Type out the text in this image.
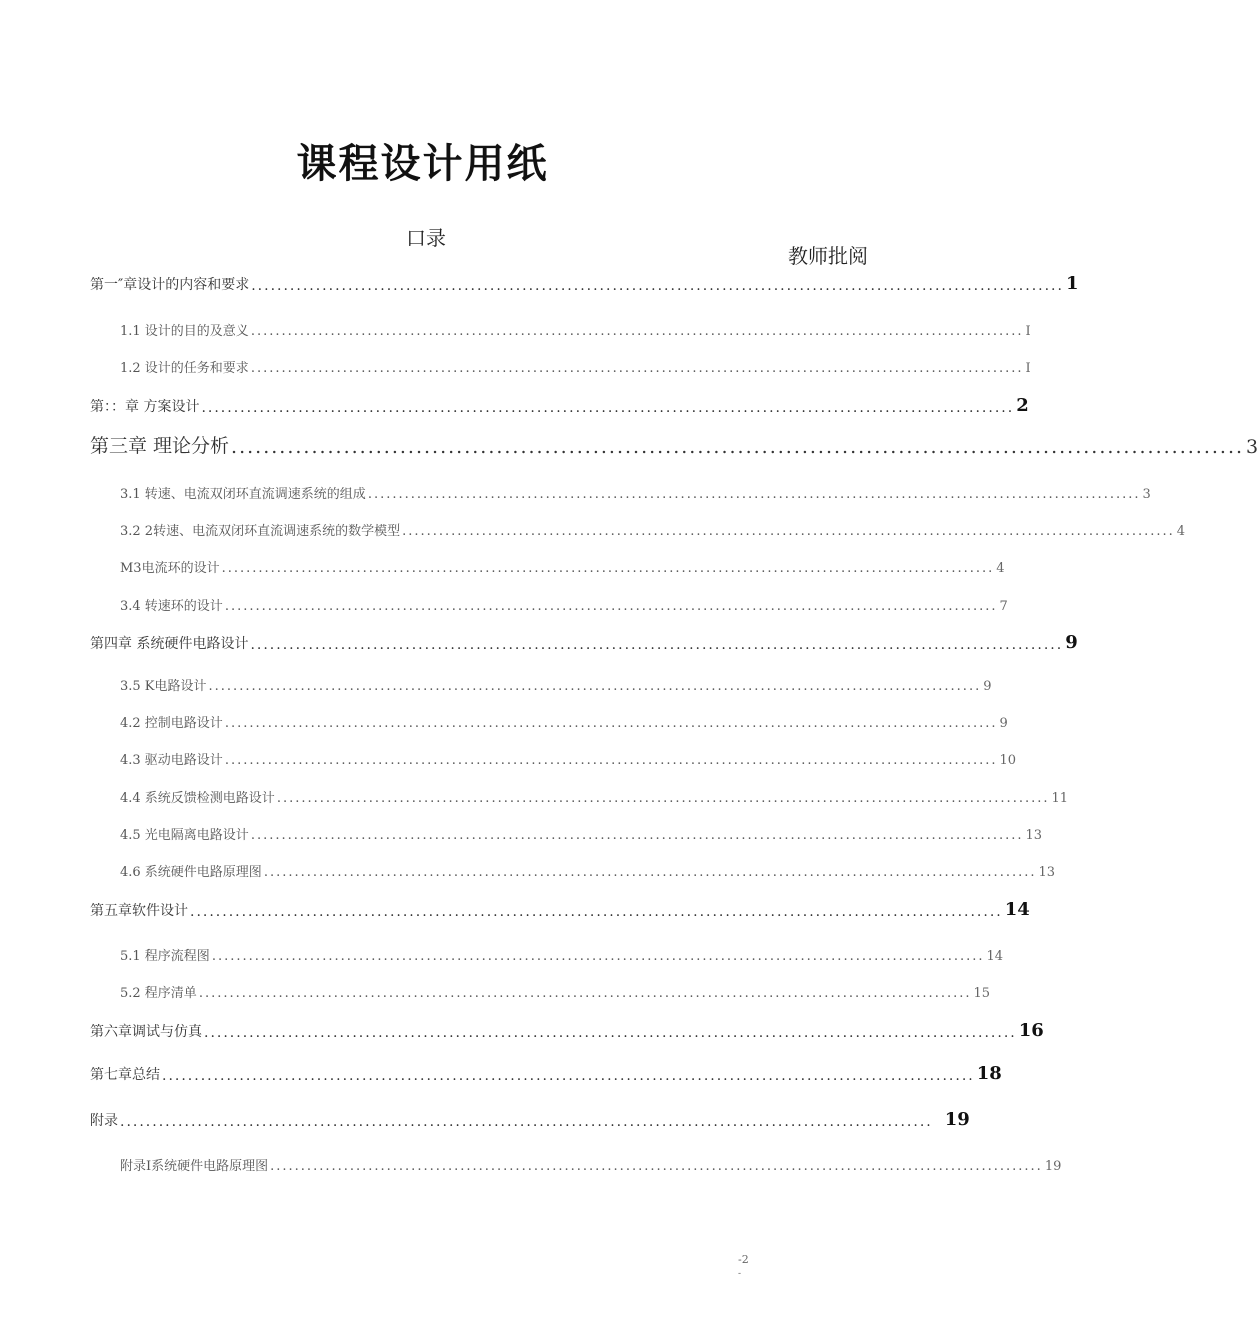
课程设计用纸
口录
教师批阅
第一″章设计的内容和要求 .............................................................................................................................. 1
1.1 设计的目的及意义 .............................................................................................................................. I
1.2 设计的任务和要求 .............................................................................................................................. I
第：：章 方案设计 .............................................................................................................................. 2
第三章 理论分析 .............................................................................................................................. 3
3.1 转速、电流双闭环直流调速系统的组成 .............................................................................................................................. 3
3.2 2转速、电流双闭环直流调速系统的数学模型 .............................................................................................................................. 4
M3电流环的设计 .............................................................................................................................. 4
3.4 转速环的设计 .............................................................................................................................. 7
第四章 系统硬件电路设计 .............................................................................................................................. 9
3.5 K电路设计 .............................................................................................................................. 9
4.2 控制电路设计 .............................................................................................................................. 9
4.3 驱动电路设计 .............................................................................................................................. 10
4.4 系统反馈检测电路设计 .............................................................................................................................. 11
4.5 光电隔离电路设计 .............................................................................................................................. 13
4.6 系统硬件电路原理图 .............................................................................................................................. 13
第五章软件设计 .............................................................................................................................. 14
5.1 程序流程图 .............................................................................................................................. 14
5.2 程序清单 .............................................................................................................................. 15
第六章调试与仿真 .............................................................................................................................. 16
第七章总结 .............................................................................................................................. 18
附录 .............................................................................................................................. 19
附录I系统硬件电路原理图 .............................................................................................................................. 19
-2
-
